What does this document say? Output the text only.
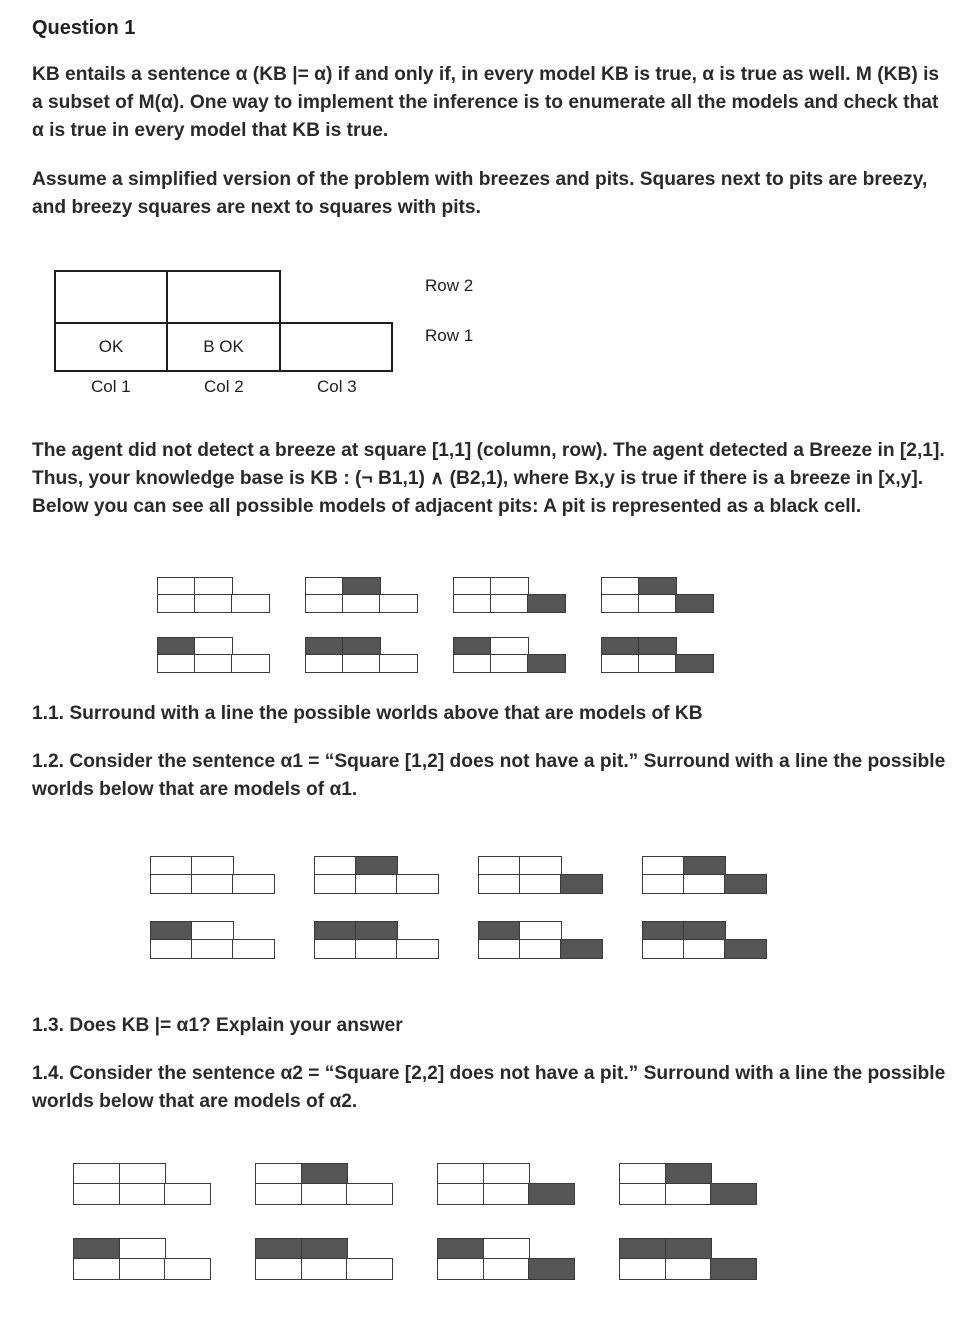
Question 1
KB entails a sentence α (KB |= α) if and only if, in every model KB is true, α is true as well. M (KB) is a subset of M(α). One way to implement the inference is to enumerate all the models and check that α is true in every model that KB is true.
Assume a simplified version of the problem with breezes and pits. Squares next to pits are breezy, and breezy squares are next to squares with pits.
OK	B OK
Row 2
Row 1
Col 1	Col 2	Col 3
The agent did not detect a breeze at square [1,1] (column, row). The agent detected a Breeze in [2,1]. Thus, your knowledge base is KB : (¬ B1,1) ∧ (B2,1), where Bx,y is true if there is a breeze in [x,y]. Below you can see all possible models of adjacent pits: A pit is represented as a black cell.
1.1. Surround with a line the possible worlds above that are models of KB
1.2. Consider the sentence α1 = “Square [1,2] does not have a pit.” Surround with a line the possible worlds below that are models of α1.
1.3. Does KB |= α1? Explain your answer
1.4. Consider the sentence α2 = “Square [2,2] does not have a pit.” Surround with a line the possible worlds below that are models of α2.
